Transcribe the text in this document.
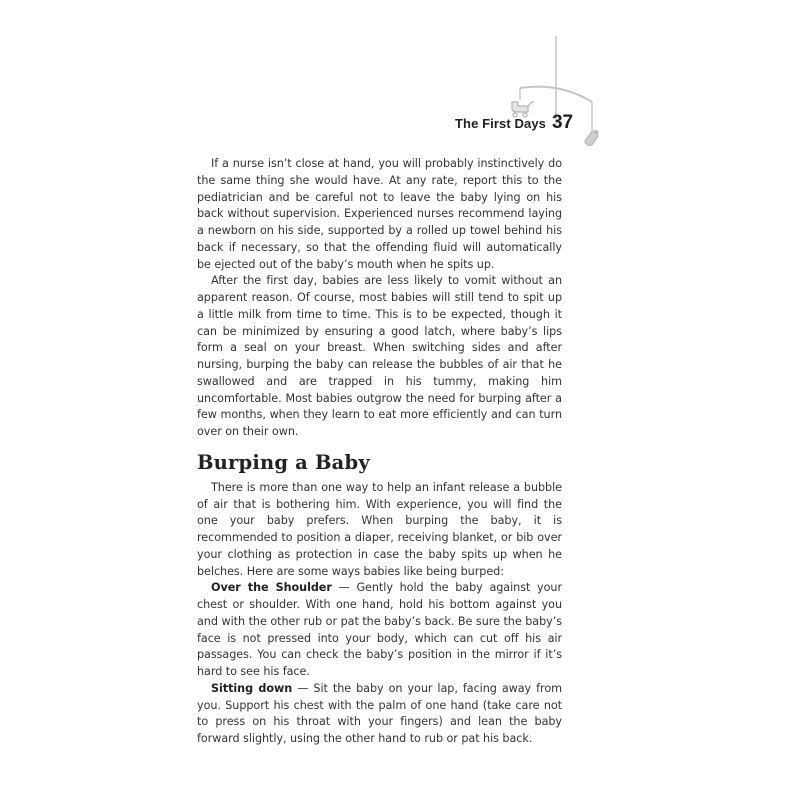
The First Days 37

If a nurse isn’t close at hand, you will probably instinctively do the same thing she would have. At any rate, report this to the pediatrician and be careful not to leave the baby lying on his back without supervision. Experienced nurses recommend laying a newborn on his side, supported by a rolled up towel behind his back if necessary, so that the offending fluid will automatically be ejected out of the baby’s mouth when he spits up.

After the first day, babies are less likely to vomit without an apparent reason. Of course, most babies will still tend to spit up a little milk from time to time. This is to be expected, though it can be minimized by ensuring a good latch, where baby’s lips form a seal on your breast. When switching sides and after nursing, burping the baby can release the bubbles of air that he swallowed and are trapped in his tummy, making him uncomfortable. Most babies outgrow the need for burping after a few months, when they learn to eat more efficiently and can turn over on their own.

Burping a Baby

There is more than one way to help an infant release a bubble of air that is bothering him. With experience, you will find the one your baby prefers. When burping the baby, it is recommended to position a diaper, receiving blanket, or bib over your clothing as protection in case the baby spits up when he belches. Here are some ways babies like being burped:

Over the Shoulder — Gently hold the baby against your chest or shoulder. With one hand, hold his bottom against you and with the other rub or pat the baby’s back. Be sure the baby’s face is not pressed into your body, which can cut off his air passages. You can check the baby’s position in the mirror if it’s hard to see his face.

Sitting down — Sit the baby on your lap, facing away from you. Support his chest with the palm of one hand (take care not to press on his throat with your fingers) and lean the baby forward slightly, using the other hand to rub or pat his back.
